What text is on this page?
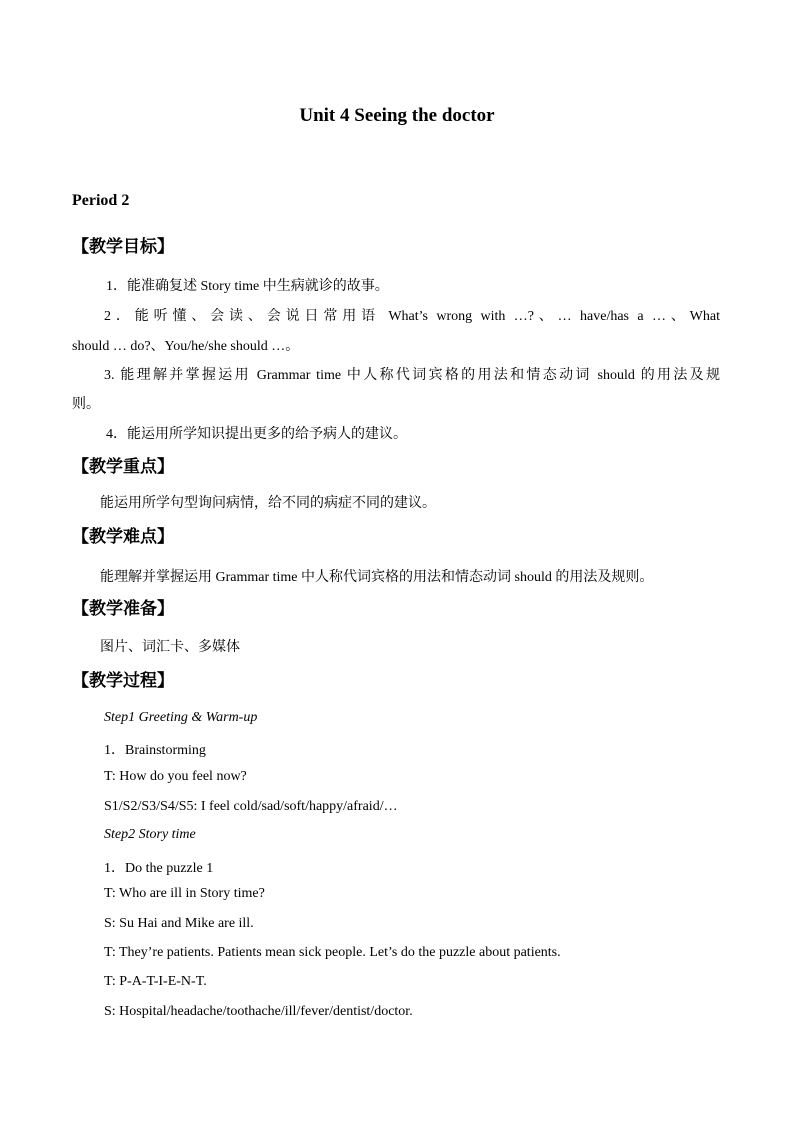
Unit 4 Seeing the doctor
Period 2
【教学目标】
1．能准确复述 Story time 中生病就诊的故事。
2．能听懂、会读、会说日常用语 What’s wrong with …?、… have/has a …、What
should … do?、You/he/she should …。
3. 能理解并掌握运用 Grammar time 中人称代词宾格的用法和情态动词 should 的用法及规
则。
4．能运用所学知识提出更多的给予病人的建议。
【教学重点】
能运用所学句型询问病情，给不同的病症不同的建议。
【教学难点】
能理解并掌握运用 Grammar time 中人称代词宾格的用法和情态动词 should 的用法及规则。
【教学准备】
图片、词汇卡、多媒体
【教学过程】
Step1 Greeting & Warm-up
1．Brainstorming
T: How do you feel now?
S1/S2/S3/S4/S5: I feel cold/sad/soft/happy/afraid/…
Step2 Story time
1．Do the puzzle 1
T: Who are ill in Story time?
S: Su Hai and Mike are ill.
T: They’re patients. Patients mean sick people. Let’s do the puzzle about patients.
T: P-A-T-I-E-N-T.
S: Hospital/headache/toothache/ill/fever/dentist/doctor.
